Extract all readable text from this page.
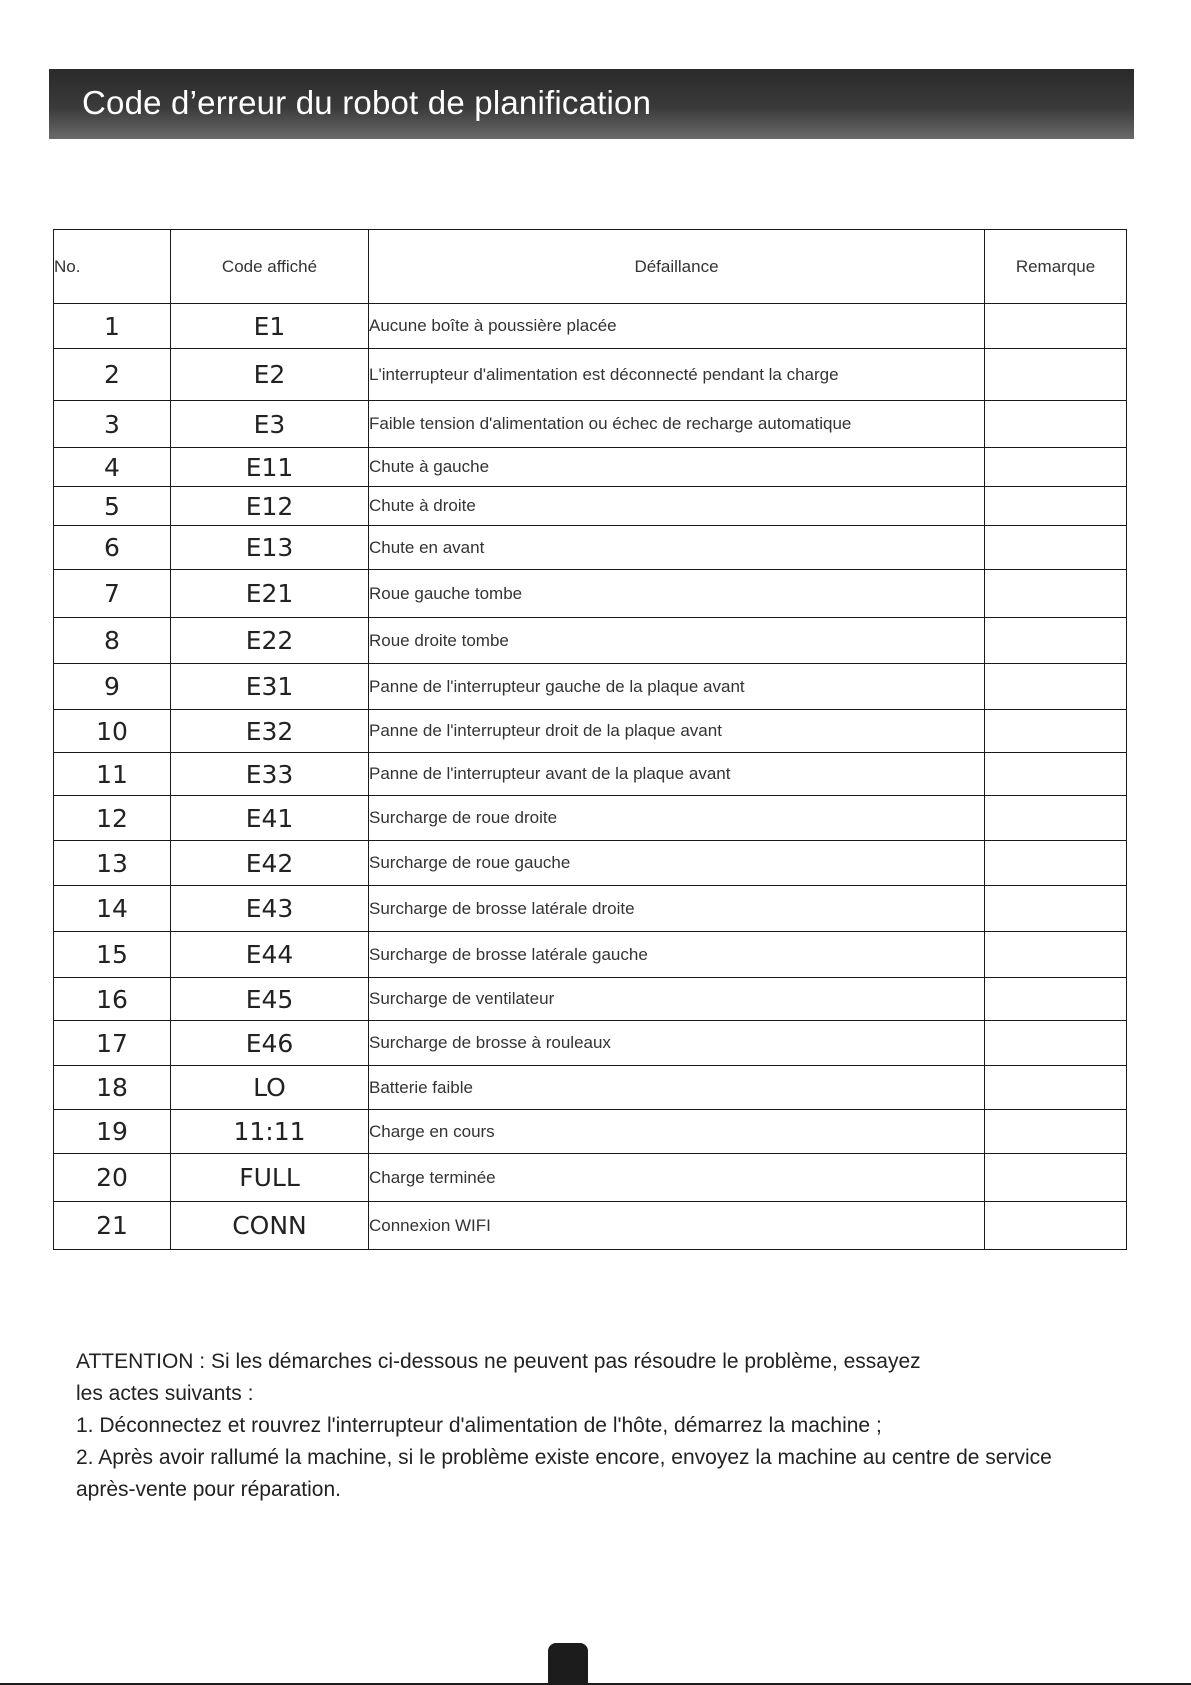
Code d’erreur du robot de planification
No.	Code affiché	Défaillance	Remarque
1	E1	Aucune boîte à poussière placée	
2	E2	L'interrupteur d'alimentation est déconnecté pendant la charge	
3	E3	Faible tension d'alimentation ou échec de recharge automatique	
4	E11	Chute à gauche	
5	E12	Chute à droite	
6	E13	Chute en avant	
7	E21	Roue gauche tombe	
8	E22	Roue droite tombe	
9	E31	Panne de l'interrupteur gauche de la plaque avant	
10	E32	Panne de l'interrupteur droit de la plaque avant	
11	E33	Panne de l'interrupteur avant de la plaque avant	
12	E41	Surcharge de roue droite	
13	E42	Surcharge de roue gauche	
14	E43	Surcharge de brosse latérale droite	
15	E44	Surcharge de brosse latérale gauche	
16	E45	Surcharge de ventilateur	
17	E46	Surcharge de brosse à rouleaux	
18	LO	Batterie faible	
19	11:11	Charge en cours	
20	FULL	Charge terminée	
21	CONN	Connexion WIFI	

ATTENTION : Si les démarches ci-dessous ne peuvent pas résoudre le problème, essayez

les actes suivants :

1. Déconnectez et rouvrez l'interrupteur d'alimentation de l'hôte, démarrez la machine ;

2. Après avoir rallumé la machine, si le problème existe encore, envoyez la machine au centre de service

après-vente pour réparation.
